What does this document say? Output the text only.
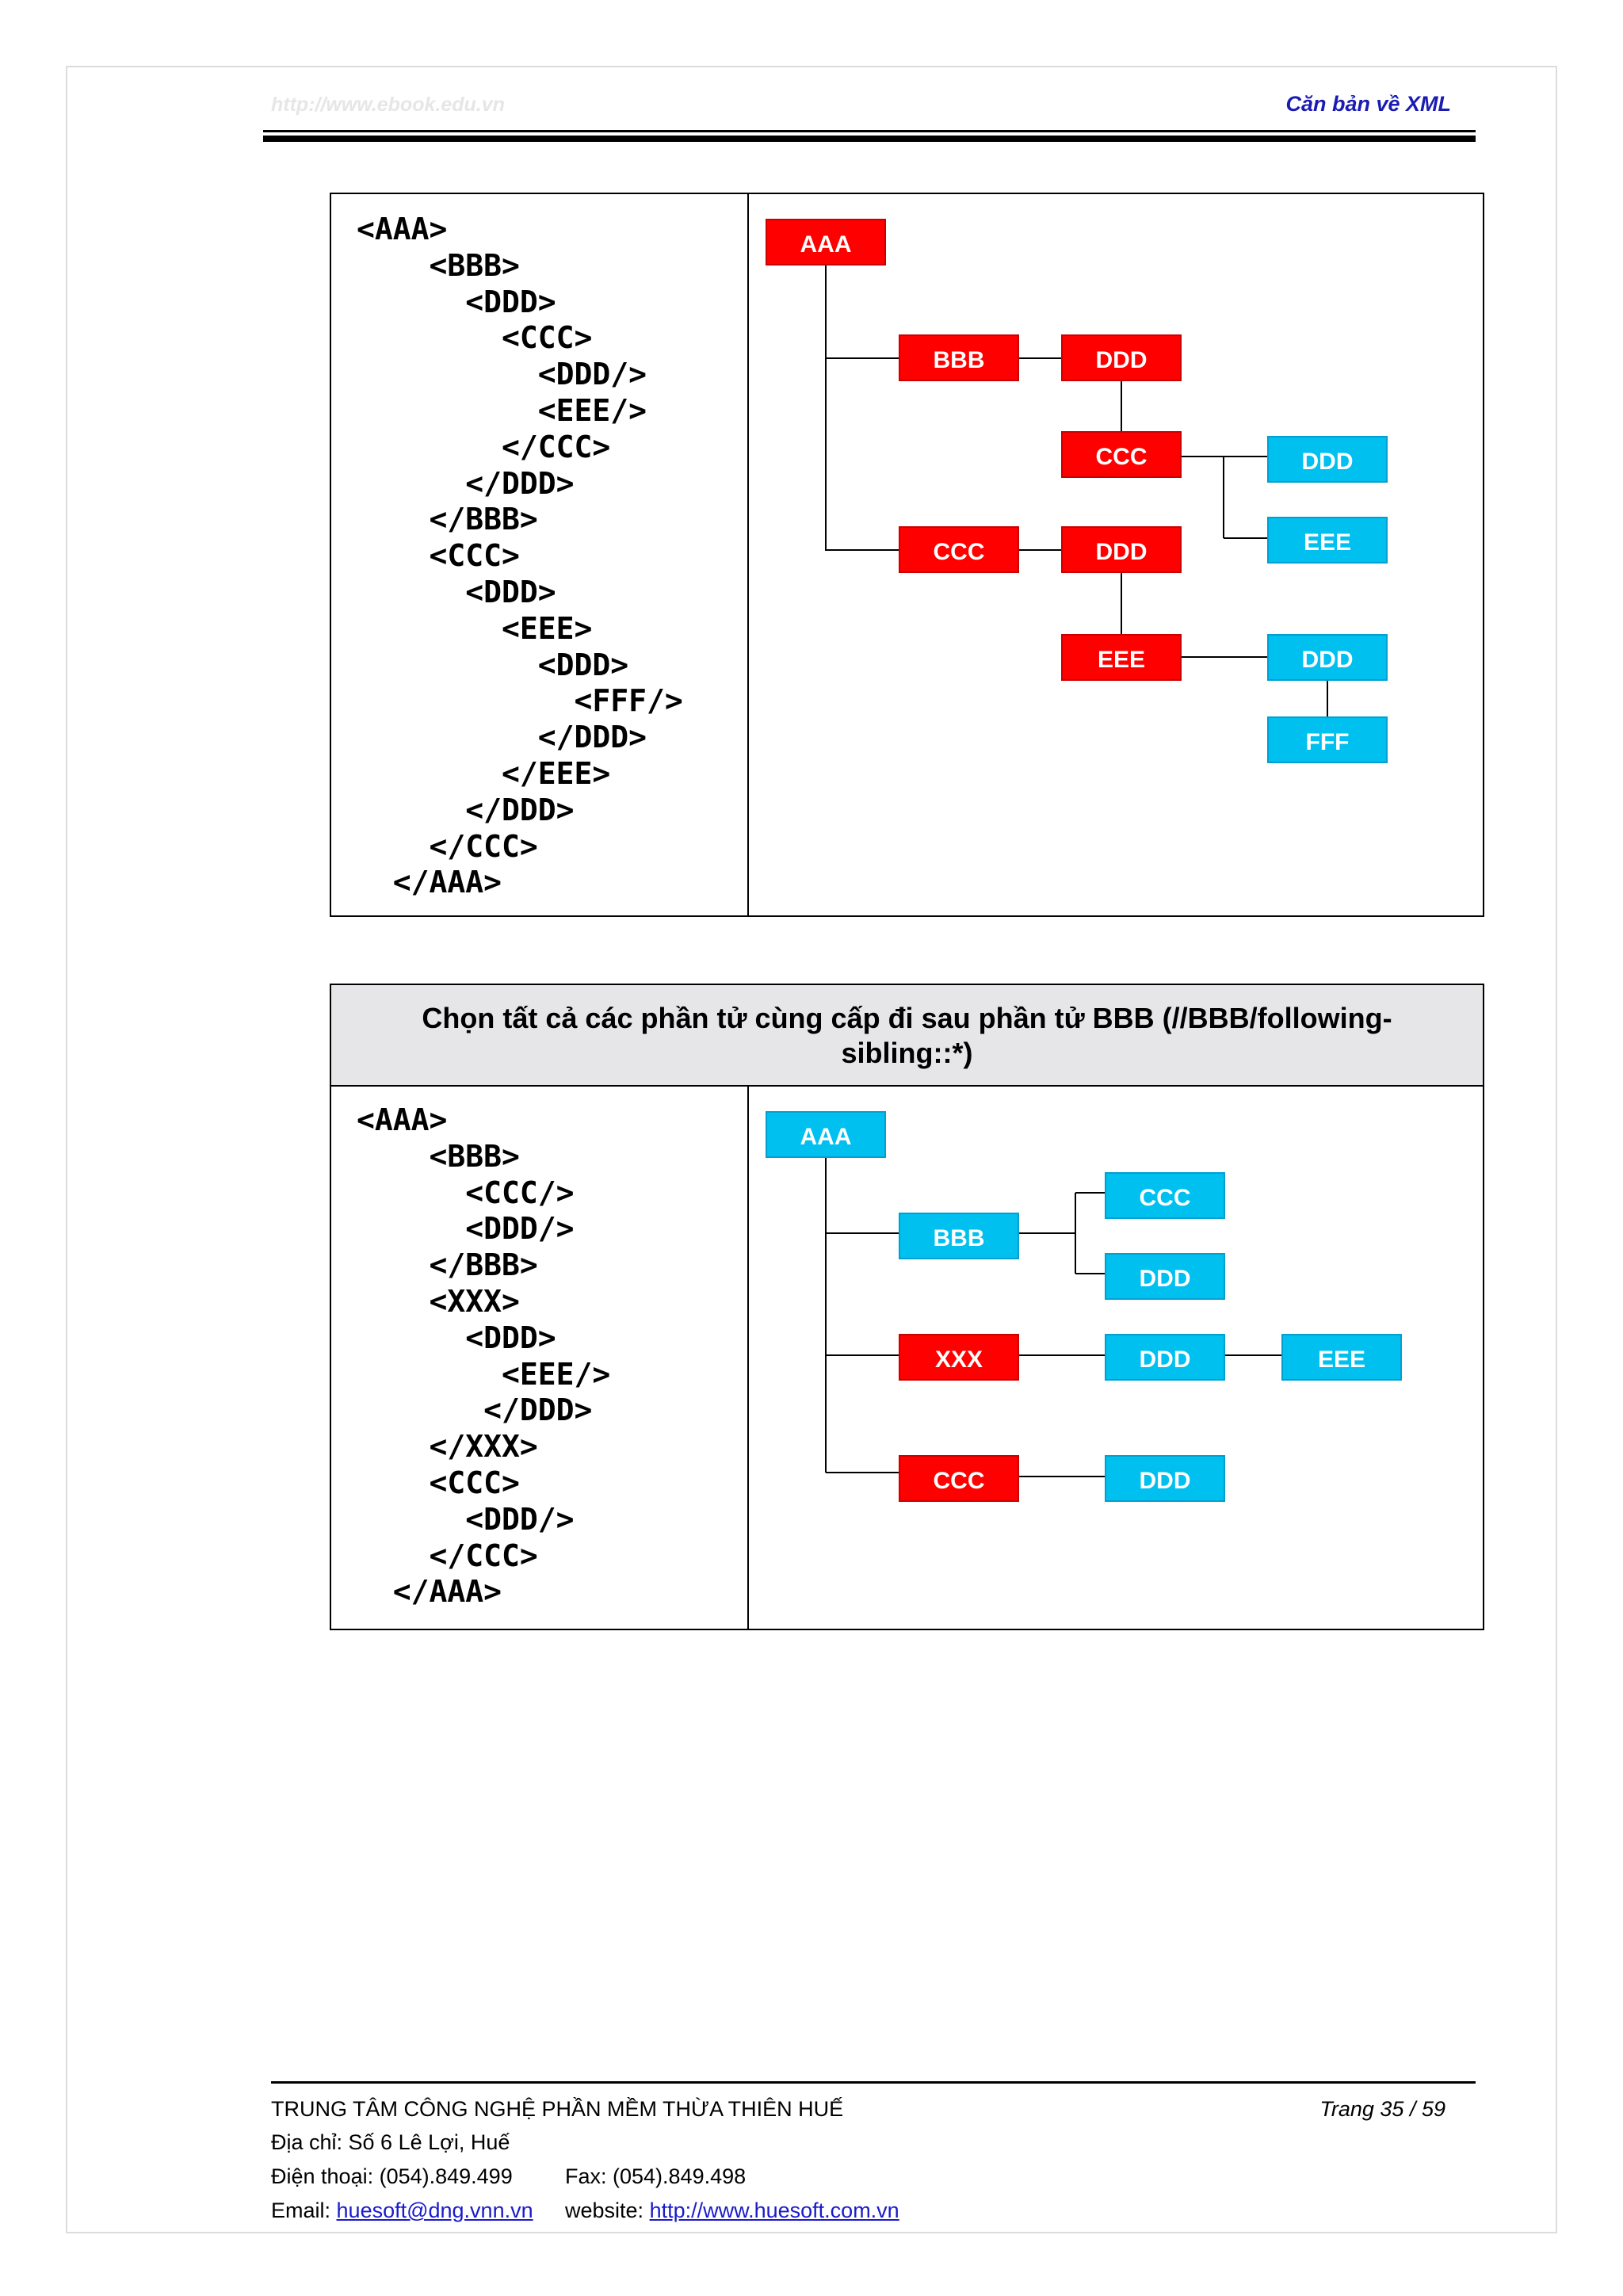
http://www.ebook.edu.vn	Căn bản về XML
<AAA>
<BBB>
<DDD>
<CCC>
<DDD/>
<EEE/>
</CCC>
</DDD>
</BBB>
<CCC>
<DDD>
<EEE>
<DDD>
<FFF/>
</DDD>
</EEE>
</DDD>
</CCC>
</AAA>
AAA
BBB	DDD
CCC	DDD
EEE
CCC	DDD
EEE	DDD
FFF
Chọn tất cả các phần tử cùng cấp đi sau phần tử BBB (//BBB/following-sibling::*)
<AAA>
<BBB>
<CCC/>
<DDD/>
</BBB>
<XXX>
<DDD>
<EEE/>
</DDD>
</XXX>
<CCC>
<DDD/>
</CCC>
</AAA>
AAA
BBB
CCC
DDD
XXX	DDD	EEE
CCC	DDD
TRUNG TÂM CÔNG NGHỆ PHẦN MỀM THỪA THIÊN HUẾ	Trang 35 / 59
Địa chỉ: Số 6 Lê Lợi, Huế
Điện thoại: (054).849.499 Fax: (054).849.498
Email: huesoft@dng.vnn.vn website: http://www.huesoft.com.vn
